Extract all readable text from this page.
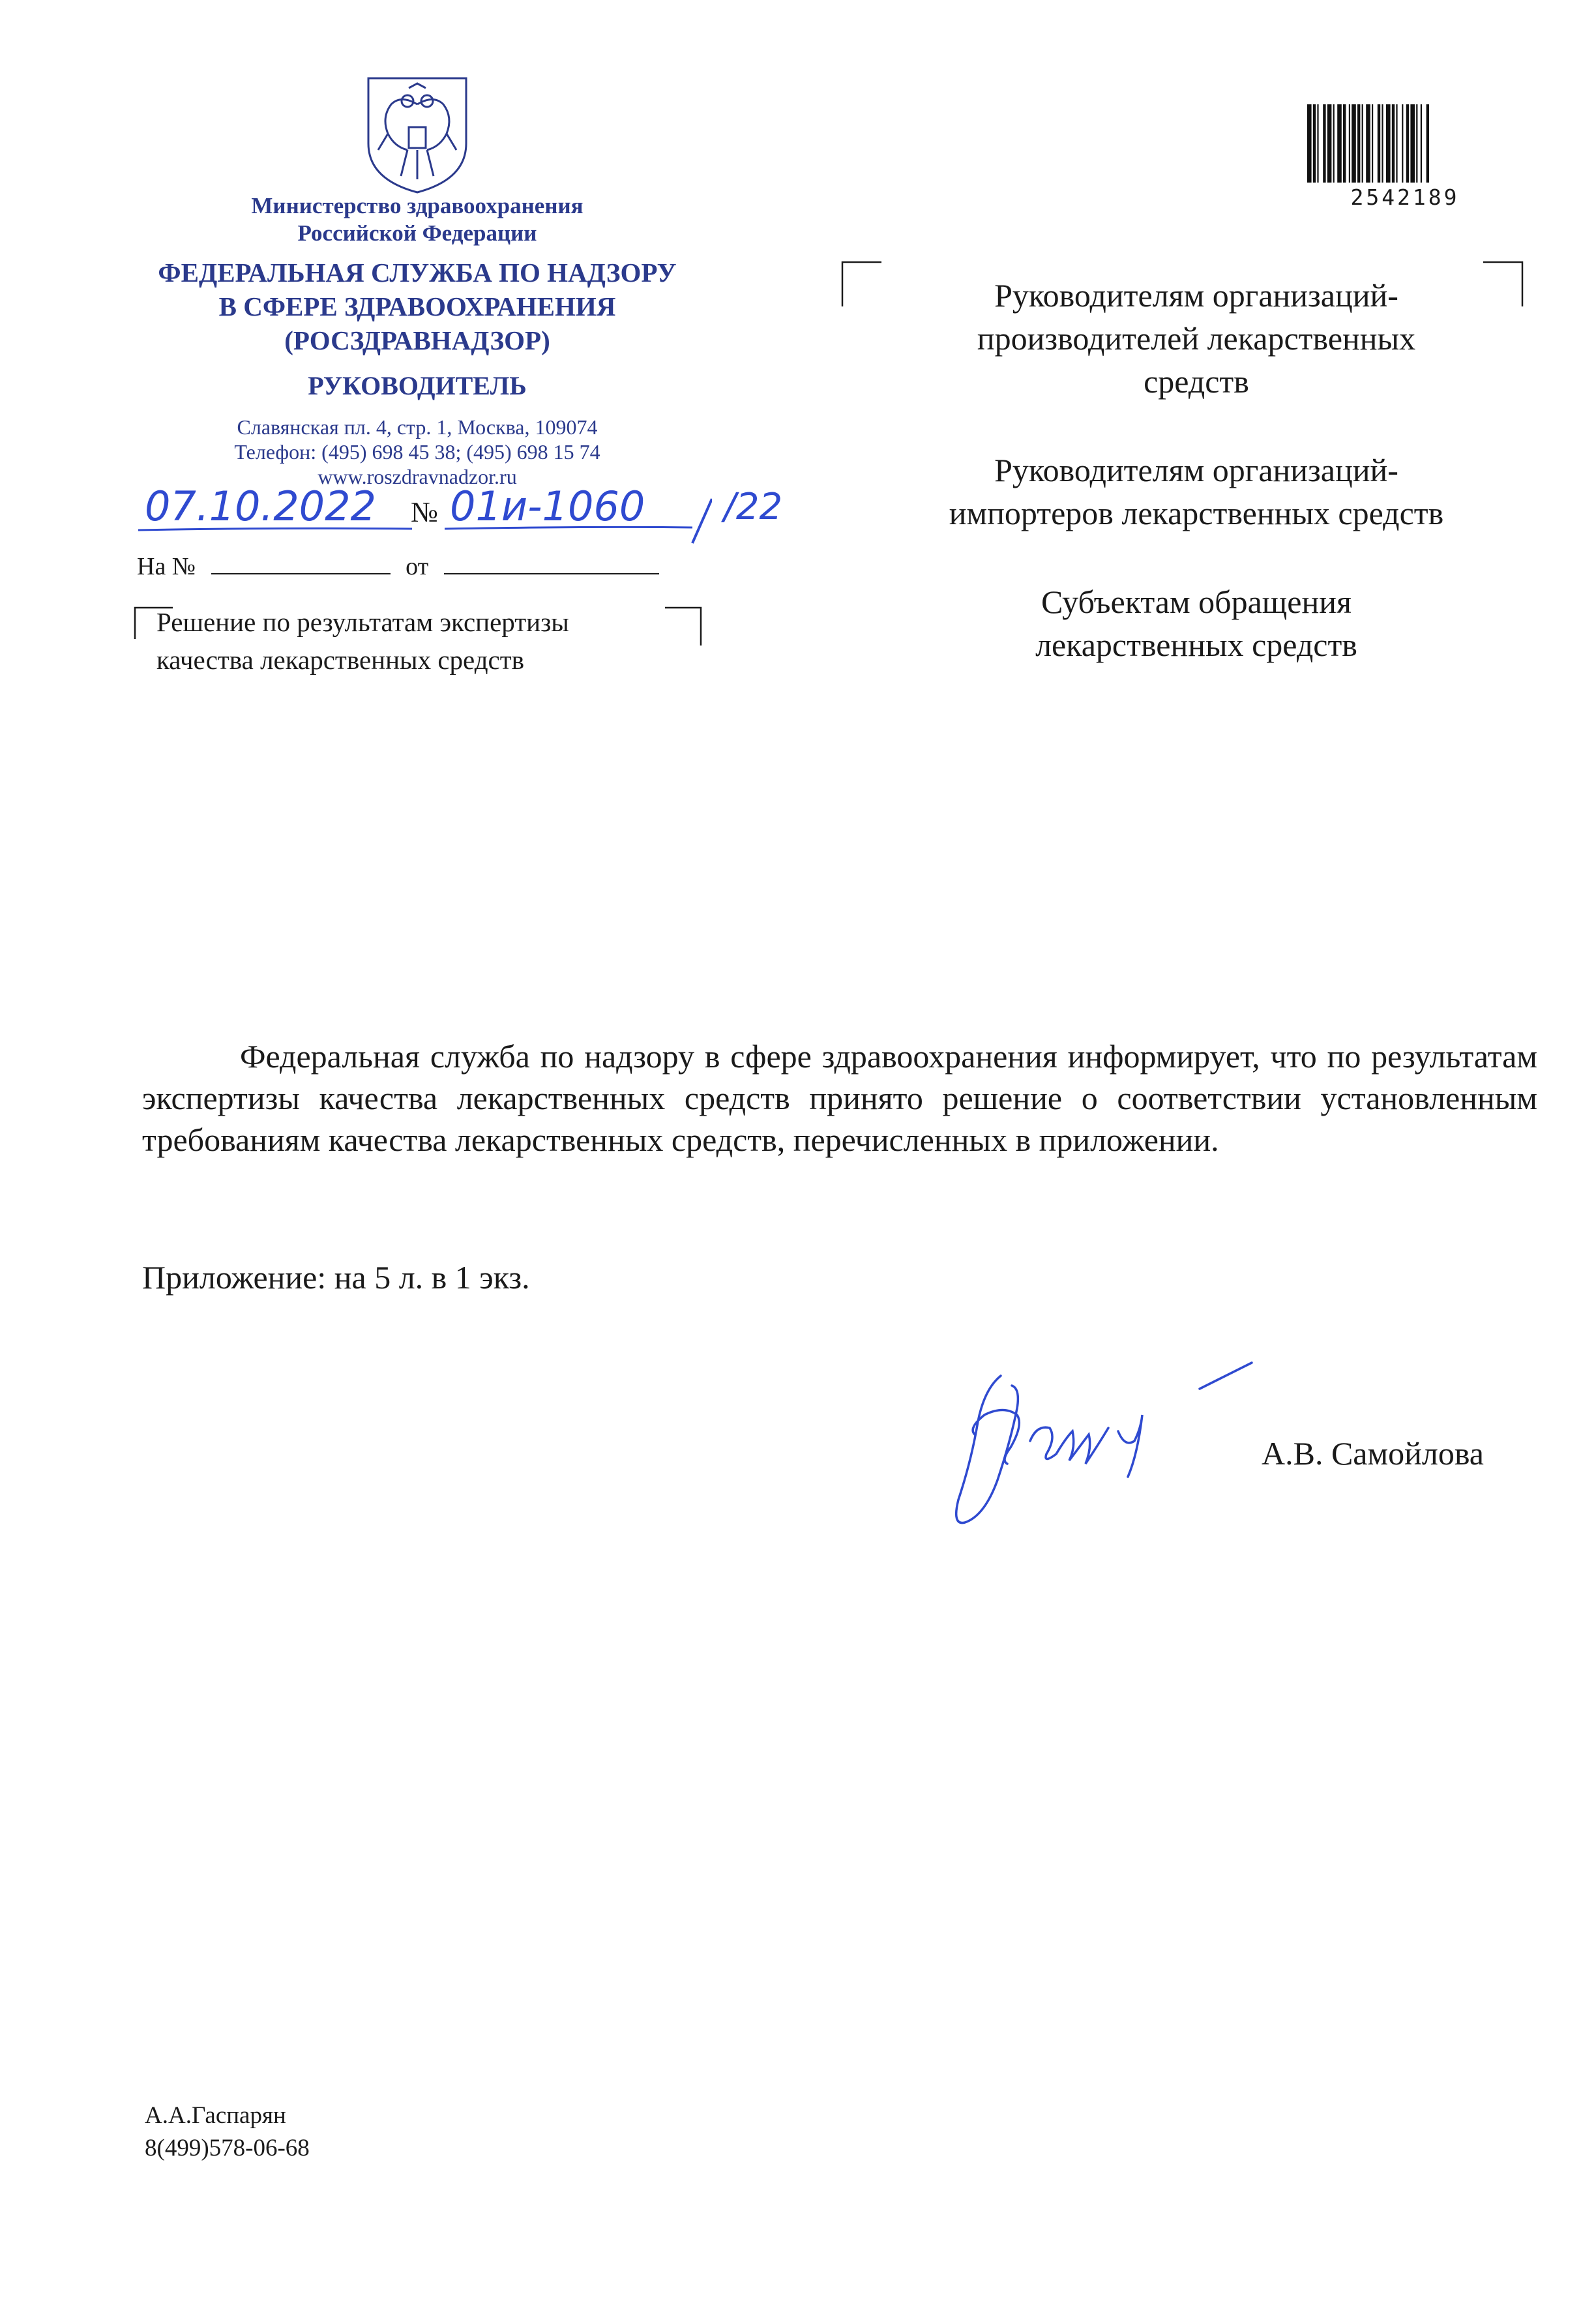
Министерство здравоохранения
Российской Федерации
ФЕДЕРАЛЬНАЯ СЛУЖБА ПО НАДЗОРУ
В СФЕРЕ ЗДРАВООХРАНЕНИЯ
(РОСЗДРАВНАДЗОР)
РУКОВОДИТЕЛЬ
Славянская пл. 4, стр. 1, Москва, 109074
Телефон: (495) 698 45 38; (495) 698 15 74
www.roszdravnadzor.ru
07.10.2022 № 01и-1060 /22
На №	от
Решение по результатам экспертизы
качества лекарственных средств
2542189
Руководителям организаций-
производителей лекарственных
средств
Руководителям организаций-
импортеров лекарственных средств
Субъектам обращения
лекарственных средств

Федеральная служба по надзору в сфере здравоохранения информирует, что по результатам экспертизы качества лекарственных средств принято решение о соответствии установленным требованиям качества лекарственных средств, перечисленных в приложении.

Приложение: на 5 л. в 1 экз.
А.В. Самойлова
А.А.Гаспарян
8(499)578-06-68
